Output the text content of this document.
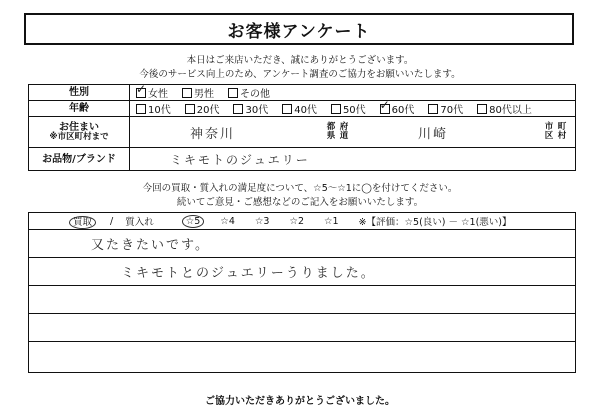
お客様アンケート
本日はご来店いただき、誠にありがとうございます。
今後のサービス向上のため、アンケート調査のご協力をお願いいたします。
性別
✓	女性	男性	その他
年齢	10代	20代	30代	40代	50代
✓	60代	70代	80代以上
お住まい
※市区町村まで	神奈川	都
県
府
道	川崎	市
区
町
村
お品物/ブランド	ミキモトのジュエリー
今回の買取・質入れの満足度について、☆5～☆1に◯を付けてください。
続いてご意見・ご感想などのご記入をお願いいたします。
買取	/ 質入れ	☆5	☆4 ☆3 ☆2 ☆1 ※【評価：☆5(良い) － ☆1(悪い)】
又たきたいです。
ミキモトとのジュエリーうりました。
ご協力いただきありがとうございました。
